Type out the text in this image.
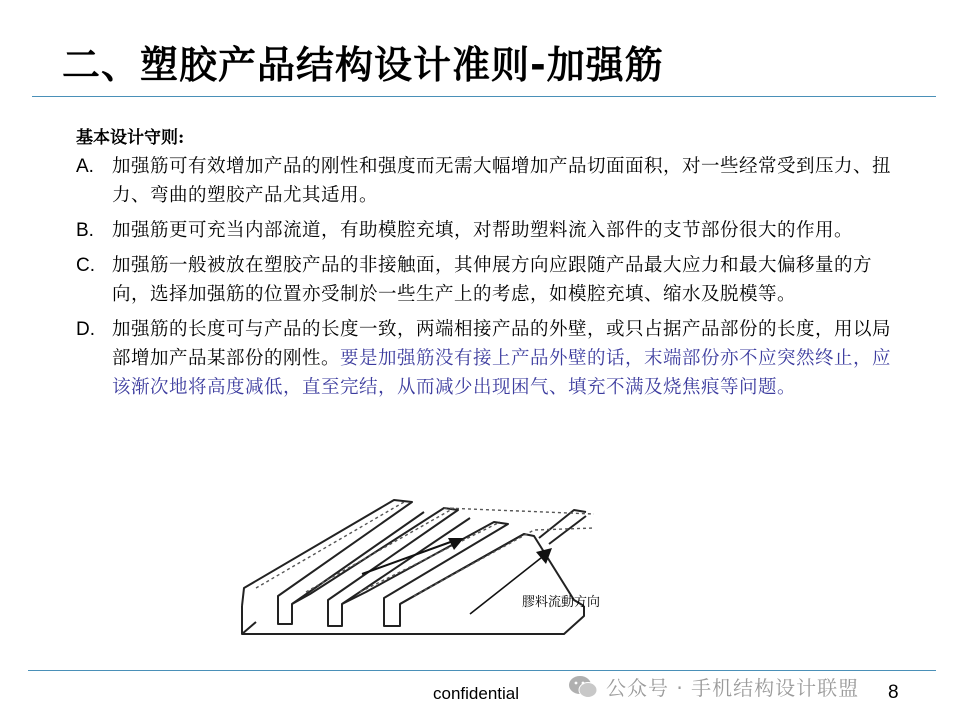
二、塑胶产品结构设计准则-加强筋
基本设计守则:
A. 加强筋可有效增加产品的刚性和强度而无需大幅增加产品切面面积，对一些经常受到压力、扭力、弯曲的塑胶产品尤其适用。
B. 加强筋更可充当内部流道，有助模腔充填，对帮助塑料流入部件的支节部份很大的作用。
C. 加强筋一般被放在塑胶产品的非接触面，其伸展方向应跟随产品最大应力和最大偏移量的方向，选择加强筋的位置亦受制於一些生产上的考虑，如模腔充填、缩水及脱模等。
D. 加强筋的长度可与产品的长度一致，两端相接产品的外壁，或只占据产品部份的长度，用以局部增加产品某部份的刚性。要是加强筋没有接上产品外壁的话，末端部份亦不应突然终止，应该渐次地将高度减低，直至完结，从而减少出现困气、填充不满及烧焦痕等问题。
膠料流動方向
confidential	公众号 · 手机结构设计联盟 8
